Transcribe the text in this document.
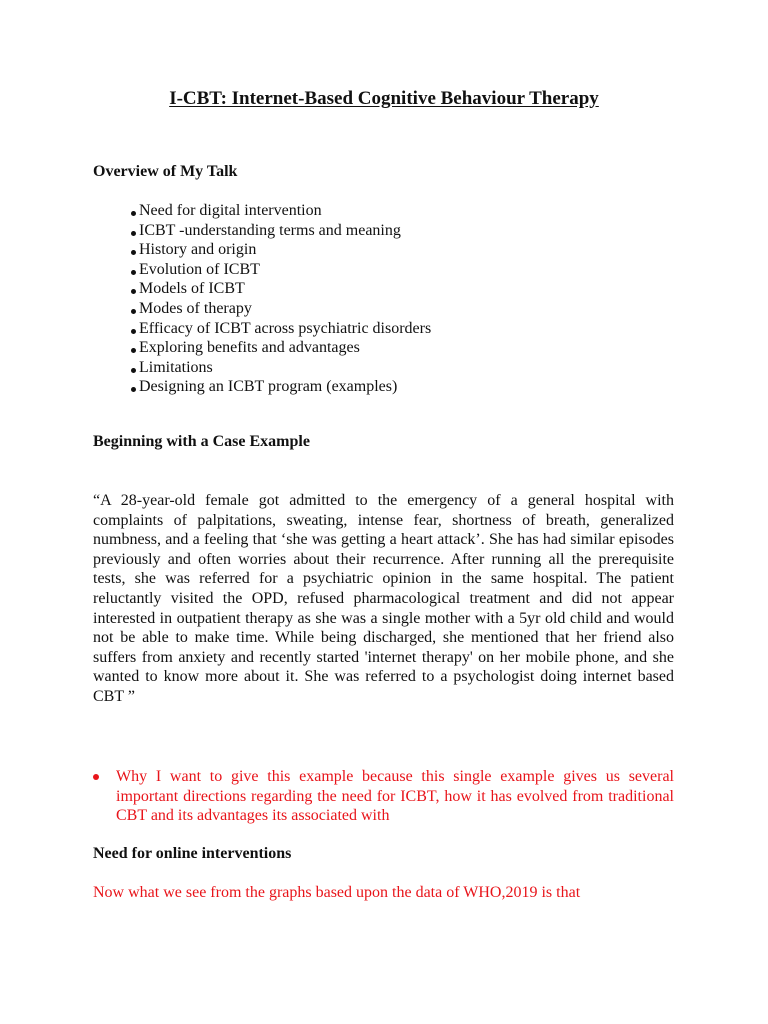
I-CBT: Internet-Based Cognitive Behaviour Therapy
Overview of My Talk
Need for digital intervention
ICBT -understanding terms and meaning
History and origin
Evolution of ICBT
Models of ICBT
Modes of therapy
Efficacy of ICBT across psychiatric disorders
Exploring benefits and advantages
Limitations
Designing an ICBT program (examples)
Beginning with a Case Example

“A 28-year-old female got admitted to the emergency of a general hospital with complaints of palpitations, sweating, intense fear, shortness of breath, generalized numbness, and a feeling that ‘she was getting a heart attack’. She has had similar episodes previously and often worries about their recurrence. After running all the prerequisite tests, she was referred for a psychiatric opinion in the same hospital. The patient reluctantly visited the OPD, refused pharmacological treatment and did not appear interested in outpatient therapy as she was a single mother with a 5yr old child and would not be able to make time. While being discharged, she mentioned that her friend also suffers from anxiety and recently started 'internet therapy' on her mobile phone, and she wanted to know more about it. She was referred to a psychologist doing internet based CBT ”

Why I want to give this example because this single example gives us several important directions regarding the need for ICBT, how it has evolved from traditional CBT and its advantages its associated with

Need for online interventions
Now what we see from the graphs based upon the data of WHO,2019 is that
